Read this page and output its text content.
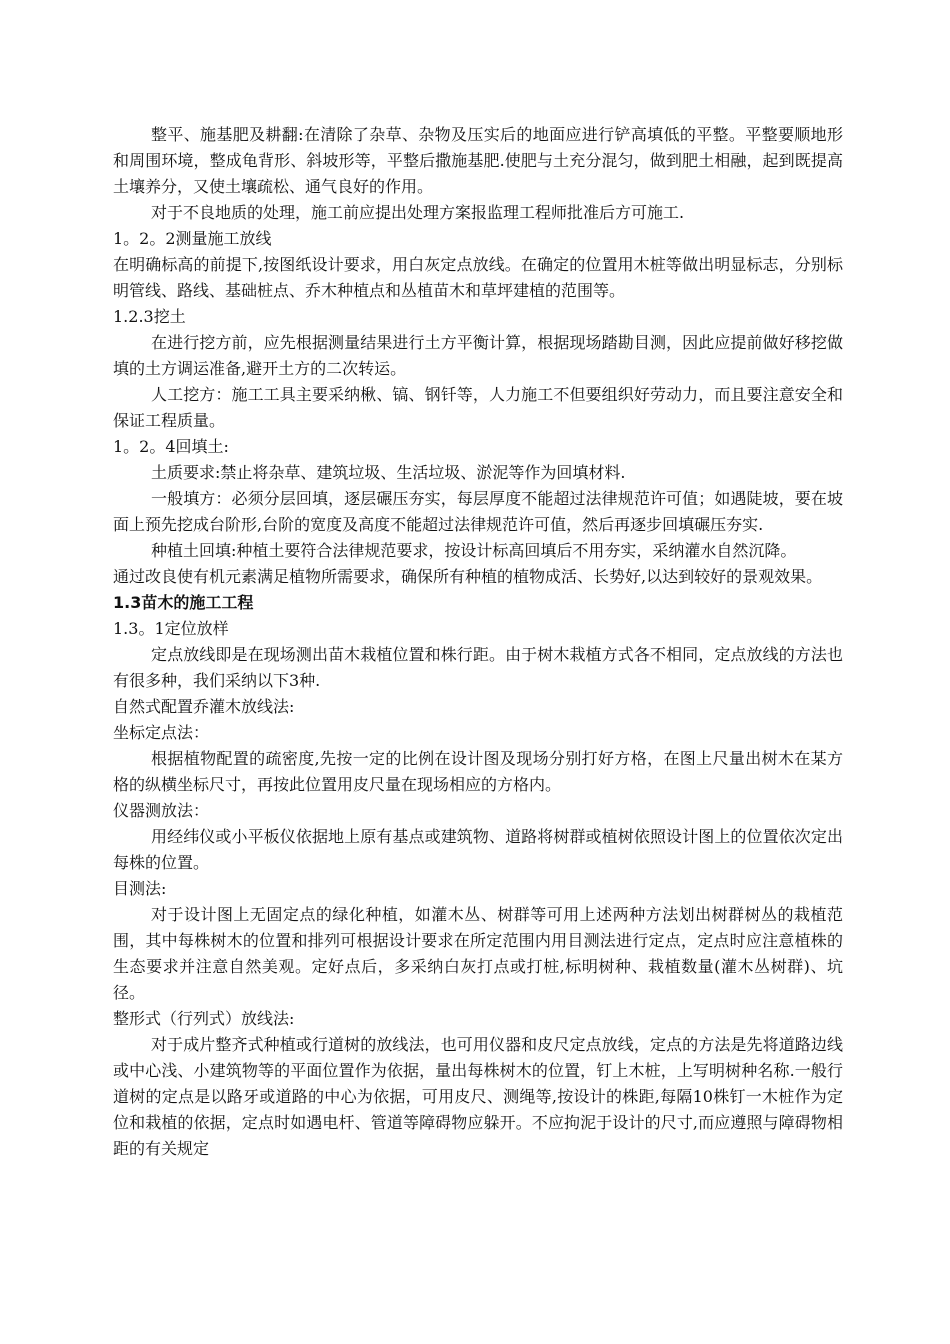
整平、施基肥及耕翻:在清除了杂草、杂物及压实后的地面应进行铲高填低的平整。平整要顺地形和周围环境，整成龟背形、斜坡形等，平整后撒施基肥.使肥与土充分混匀，做到肥土相融，起到既提高土壤养分，又使土壤疏松、通气良好的作用。

对于不良地质的处理，施工前应提出处理方案报监理工程师批准后方可施工.

1。2。2测量施工放线

在明确标高的前提下,按图纸设计要求，用白灰定点放线。在确定的位置用木桩等做出明显标志，分别标明管线、路线、基础桩点、乔木种植点和丛植苗木和草坪建植的范围等。

1.2.3挖土

在进行挖方前，应先根据测量结果进行土方平衡计算，根据现场踏勘目测，因此应提前做好移挖做填的土方调运准备,避开土方的二次转运。

人工挖方：施工工具主要采纳楸、镐、钢钎等，人力施工不但要组织好劳动力，而且要注意安全和保证工程质量。

1。2。4回填土:

土质要求:禁止将杂草、建筑垃圾、生活垃圾、淤泥等作为回填材料.

一般填方：必须分层回填，逐层碾压夯实，每层厚度不能超过法律规范许可值；如遇陡坡，要在坡面上预先挖成台阶形,台阶的宽度及高度不能超过法律规范许可值，然后再逐步回填碾压夯实.

种植土回填:种植土要符合法律规范要求，按设计标高回填后不用夯实，采纳灌水自然沉降。

通过改良使有机元素满足植物所需要求，确保所有种植的植物成活、长势好,以达到较好的景观效果。

1.3苗木的施工工程

1.3。1定位放样

定点放线即是在现场测出苗木栽植位置和株行距。由于树木栽植方式各不相同，定点放线的方法也有很多种，我们采纳以下3种.

自然式配置乔灌木放线法:

坐标定点法：

根据植物配置的疏密度,先按一定的比例在设计图及现场分别打好方格，在图上尺量出树木在某方格的纵横坐标尺寸，再按此位置用皮尺量在现场相应的方格内。

仪器测放法：

用经纬仪或小平板仪依据地上原有基点或建筑物、道路将树群或植树依照设计图上的位置依次定出每株的位置。

目测法:

对于设计图上无固定点的绿化种植，如灌木丛、树群等可用上述两种方法划出树群树丛的栽植范围，其中每株树木的位置和排列可根据设计要求在所定范围内用目测法进行定点，定点时应注意植株的生态要求并注意自然美观。定好点后，多采纳白灰打点或打桩,标明树种、栽植数量(灌木丛树群)、坑径。

整形式（行列式）放线法:

对于成片整齐式种植或行道树的放线法，也可用仪器和皮尺定点放线，定点的方法是先将道路边线或中心浅、小建筑物等的平面位置作为依据，量出每株树木的位置，钉上木桩，上写明树种名称.一般行道树的定点是以路牙或道路的中心为依据，可用皮尺、测绳等,按设计的株距,每隔10株钉一木桩作为定位和栽植的依据，定点时如遇电杆、管道等障碍物应躲开。不应拘泥于设计的尺寸,而应遵照与障碍物相距的有关规定
